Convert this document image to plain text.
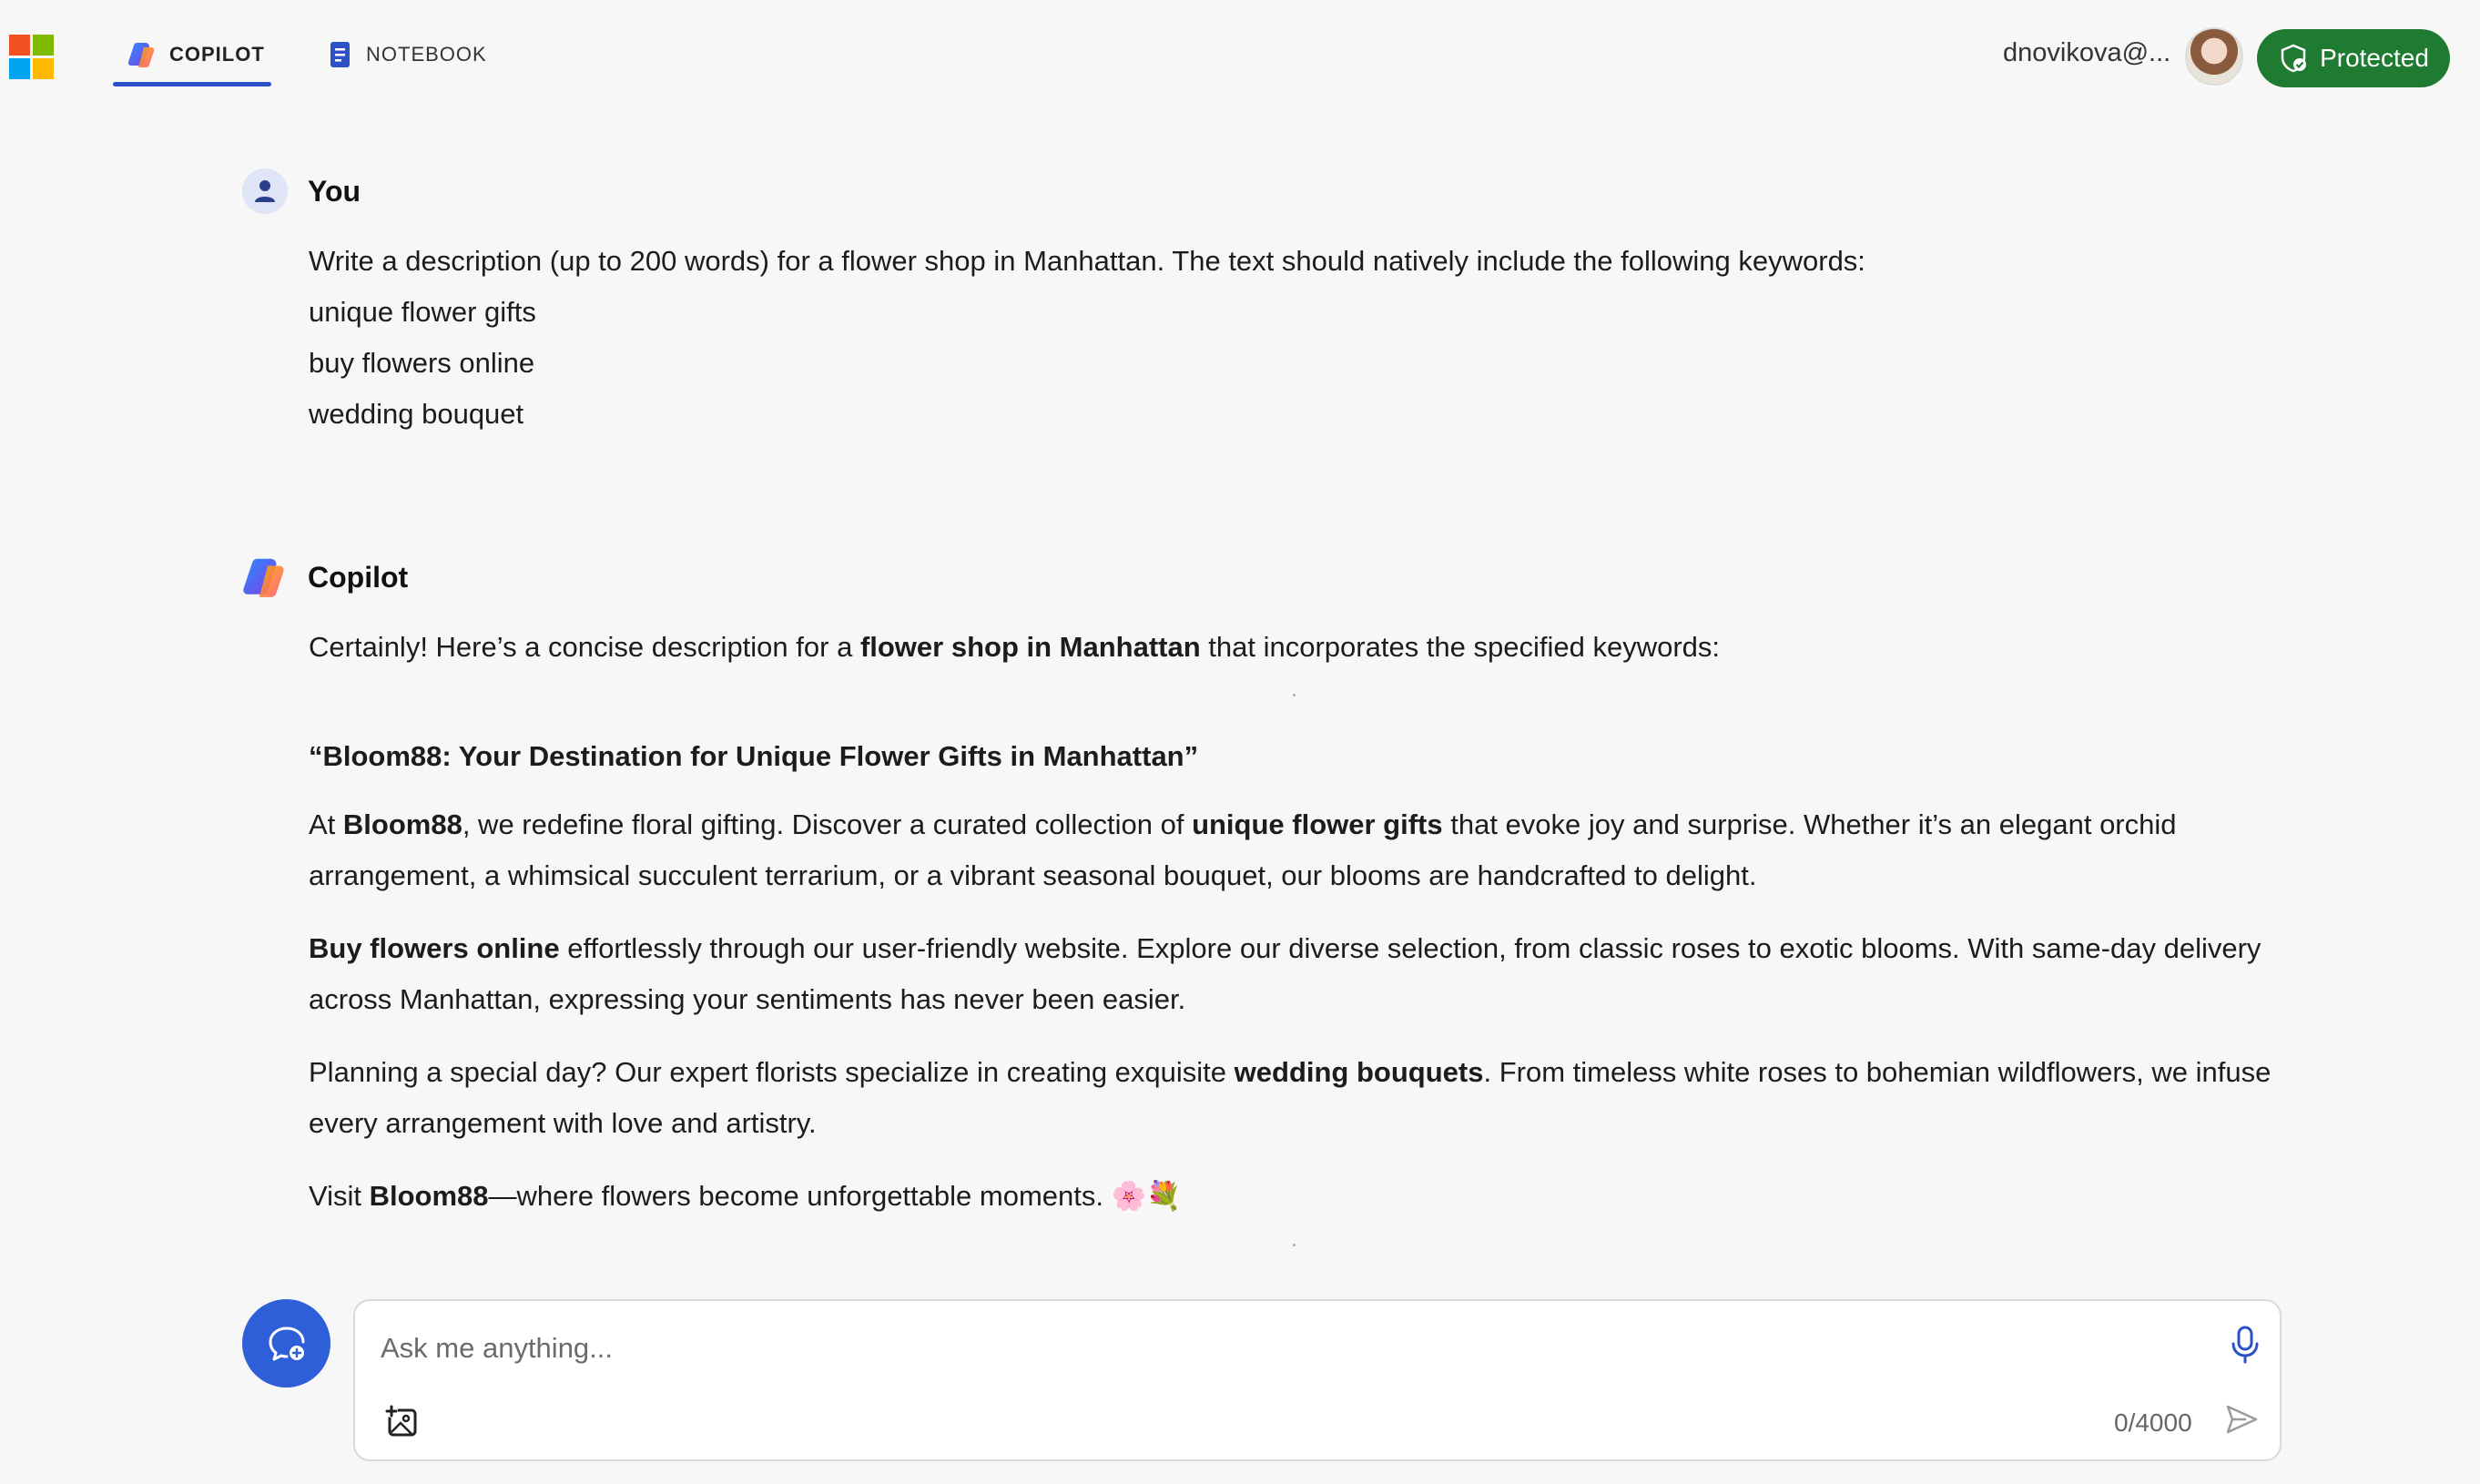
COPILOT	NOTEBOOK	dnovikova@...	Protected
You
Write a description (up to 200 words) for a flower shop in Manhattan. The text should natively include the following keywords:
unique flower gifts
buy flowers online
wedding bouquet
Copilot
Certainly! Here’s a concise description for a flower shop in Manhattan that incorporates the specified keywords:
“Bloom88: Your Destination for Unique Flower Gifts in Manhattan”
At Bloom88, we redefine floral gifting. Discover a curated collection of unique flower gifts that evoke joy and surprise. Whether it’s an elegant orchid arrangement, a whimsical succulent terrarium, or a vibrant seasonal bouquet, our blooms are handcrafted to delight.
Buy flowers online effortlessly through our user-friendly website. Explore our diverse selection, from classic roses to exotic blooms. With same-day delivery across Manhattan, expressing your sentiments has never been easier.
Planning a special day? Our expert florists specialize in creating exquisite wedding bouquets. From timeless white roses to bohemian wildflowers, we infuse every arrangement with love and artistry.
Visit Bloom88—where flowers become unforgettable moments. 🌸💐
Ask me anything...
0/4000
